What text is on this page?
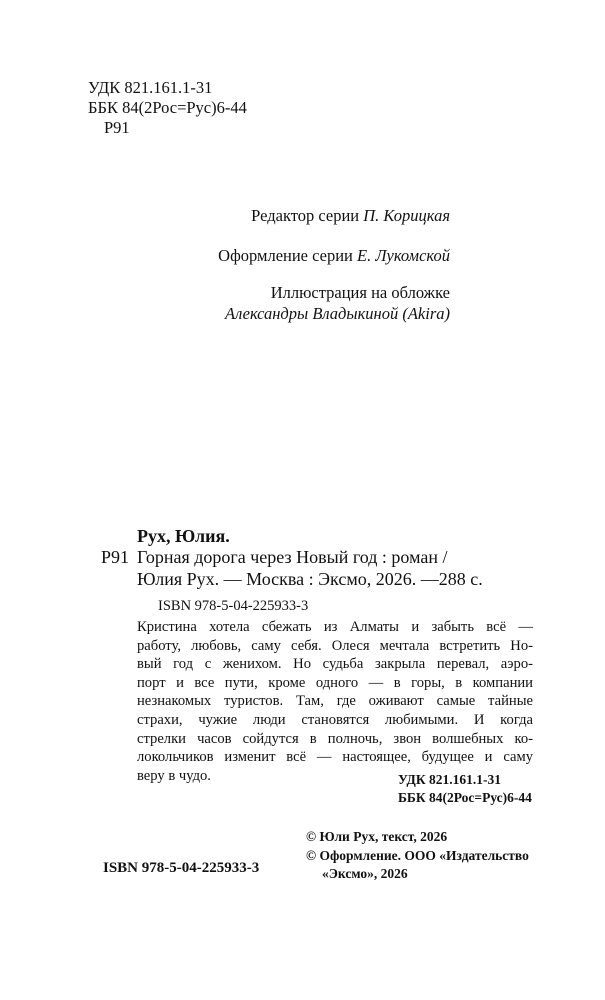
УДК 821.161.1-31
ББК 84(2Рос=Рус)6-44
Р91
Редактор серии П. Корицкая
Оформление серии Е. Лукомской
Иллюстрация на обложке
Александры Владыкиной (Akira)
Рух, Юлия.
Р91 Горная дорога через Новый год : роман /
Юлия Рух. — Москва : Эксмо, 2026. —288 с.
ISBN 978-5-04-225933-3
Кристина хотела сбежать из Алматы и забыть всё —
работу, любовь, саму себя. Олеся мечтала встретить Но-
вый год с женихом. Но судьба закрыла перевал, аэро-
порт и все пути, кроме одного — в горы, в компании
незнакомых туристов. Там, где оживают самые тайные
страхи, чужие люди становятся любимыми. И когда
стрелки часов сойдутся в полночь, звон волшебных ко-
локольчиков изменит всё — настоящее, будущее и саму
веру в чудо.	УДК 821.161.1-31
ББК 84(2Рос=Рус)6-44
© Юли Рух, текст, 2026
© Оформление. ООО «Издательство
«Эксмо», 2026
ISBN 978-5-04-225933-3
